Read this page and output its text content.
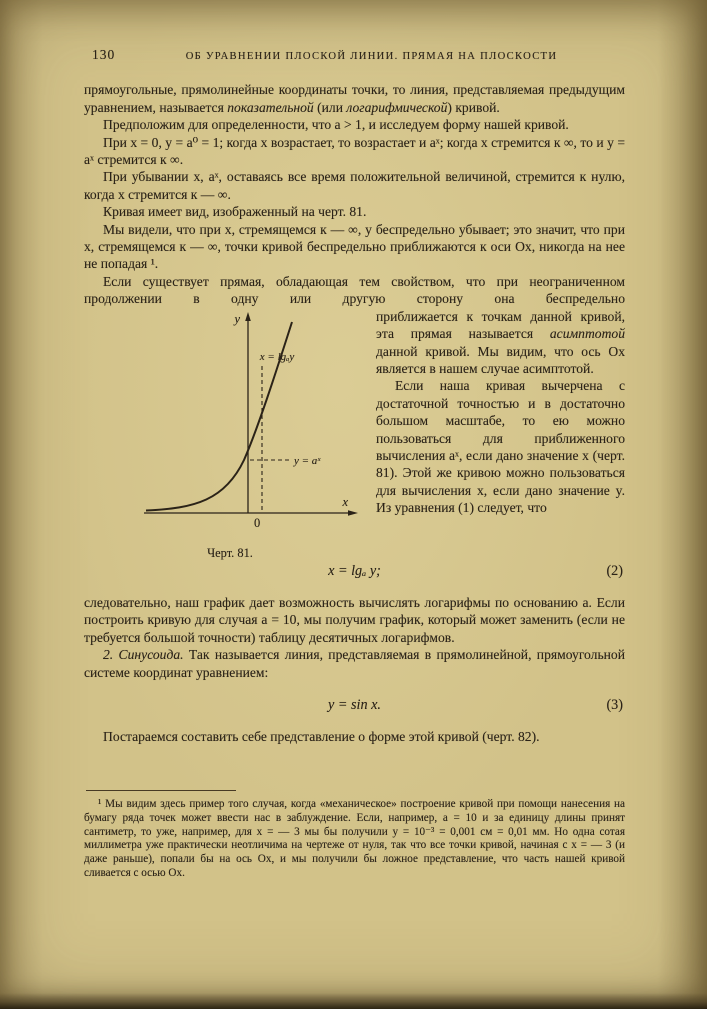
130	ОБ УРАВНЕНИИ ПЛОСКОЙ ЛИНИИ. ПРЯМАЯ НА ПЛОСКОСТИ

прямоугольные, прямолинейные координаты точки, то линия, представляемая предыдущим уравнением, называется показательной (или логарифмической) кривой.

Предположим для определенности, что a > 1, и исследуем форму нашей кривой.

При x = 0, y = a⁰ = 1; когда x возрастает, то возрастает и aˣ; когда x стремится к ∞, то и y = aˣ стремится к ∞.

При убывании x, aˣ, оставаясь все время положительной величиной, стремится к нулю, когда x стремится к — ∞.

Кривая имеет вид, изображенный на черт. 81.

Мы видели, что при x, стремящемся к — ∞, y беспредельно убывает; это значит, что при x, стремящемся к — ∞, точки кривой беспредельно приближаются к оси Ox, никогда на нее не попадая ¹.

Если существует прямая, обладающая тем свойством, что при неограниченном продолжении в одну или другую сторону она беспредельно

y
x
0
x = lgₐy
y = aˣ
Черт. 81.

приближается к точкам данной кривой, эта прямая называется асимптотой данной кривой. Мы видим, что ось Ox является в нашем случае асимптотой.

Если наша кривая вычерчена с достаточной точностью и в достаточно большом масштабе, то ею можно пользоваться для приближенного вычисления aˣ, если дано значение x (черт. 81). Этой же кривою можно пользоваться для вычисления x, если дано значение y. Из уравнения (1) следует, что

x = lgₐ y;	(2)

следовательно, наш график дает возможность вычислять логарифмы по основанию a. Если построить кривую для случая a = 10, мы получим график, который может заменить (если не требуется большой точности) таблицу десятичных логарифмов.

2. Синусоида. Так называется линия, представляемая в прямолинейной, прямоугольной системе координат уравнением:

y = sin x.	(3)

Постараемся составить себе представление о форме этой кривой (черт. 82).

¹ Мы видим здесь пример того случая, когда «механическое» построение кривой при помощи нанесения на бумагу ряда точек может ввести нас в заблуждение. Если, например, a = 10 и за единицу длины принят сантиметр, то уже, например, для x = — 3 мы бы получили y = 10⁻³ = 0,001 см = 0,01 мм. Но одна сотая миллиметра уже практически неотличима на чертеже от нуля, так что все точки кривой, начиная с x = — 3 (и даже раньше), попали бы на ось Ox, и мы получили бы ложное представление, что часть нашей кривой сливается с осью Ox.
